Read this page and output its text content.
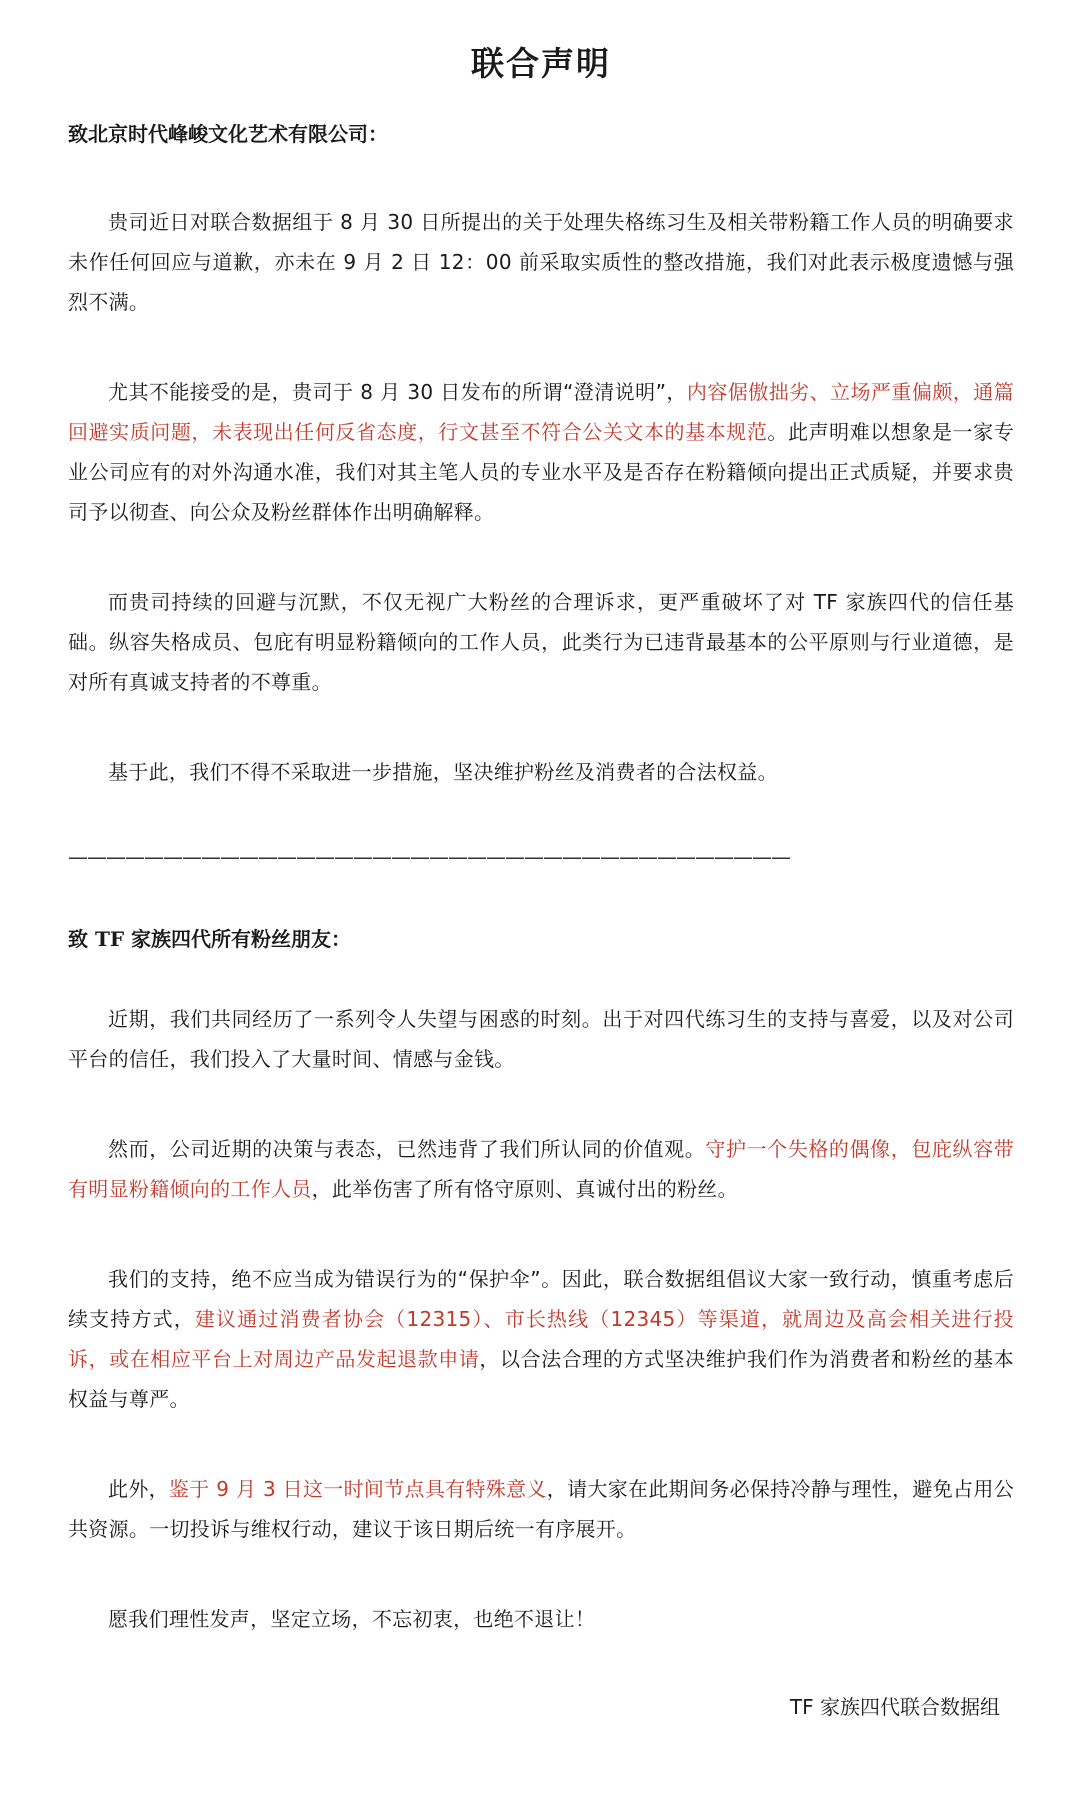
联合声明

致北京时代峰峻文化艺术有限公司：

贵司近日对联合数据组于 8 月 30 日所提出的关于处理失格练习生及相关带粉籍工作人员的明确要求未作任何回应与道歉，亦未在 9 月 2 日 12：00 前采取实质性的整改措施，我们对此表示极度遗憾与强烈不满。

尤其不能接受的是，贵司于 8 月 30 日发布的所谓“澄清说明”，内容倨傲拙劣、立场严重偏颇，通篇回避实质问题，未表现出任何反省态度，行文甚至不符合公关文本的基本规范。此声明难以想象是一家专业公司应有的对外沟通水准，我们对其主笔人员的专业水平及是否存在粉籍倾向提出正式质疑，并要求贵司予以彻查、向公众及粉丝群体作出明确解释。

而贵司持续的回避与沉默，不仅无视广大粉丝的合理诉求，更严重破坏了对 TF 家族四代的信任基础。纵容失格成员、包庇有明显粉籍倾向的工作人员，此类行为已违背最基本的公平原则与行业道德，是对所有真诚支持者的不尊重。

基于此，我们不得不采取进一步措施，坚决维护粉丝及消费者的合法权益。

——————————————————————————————————————

致 TF 家族四代所有粉丝朋友：

近期，我们共同经历了一系列令人失望与困惑的时刻。出于对四代练习生的支持与喜爱，以及对公司平台的信任，我们投入了大量时间、情感与金钱。

然而，公司近期的决策与表态，已然违背了我们所认同的价值观。守护一个失格的偶像，包庇纵容带有明显粉籍倾向的工作人员，此举伤害了所有恪守原则、真诚付出的粉丝。

我们的支持，绝不应当成为错误行为的“保护伞”。因此，联合数据组倡议大家一致行动，慎重考虑后续支持方式，建议通过消费者协会（12315）、市长热线（12345）等渠道，就周边及高会相关进行投诉，或在相应平台上对周边产品发起退款申请，以合法合理的方式坚决维护我们作为消费者和粉丝的基本权益与尊严。

此外，鉴于 9 月 3 日这一时间节点具有特殊意义，请大家在此期间务必保持冷静与理性，避免占用公共资源。一切投诉与维权行动，建议于该日期后统一有序展开。

愿我们理性发声，坚定立场，不忘初衷，也绝不退让！

TF 家族四代联合数据组
